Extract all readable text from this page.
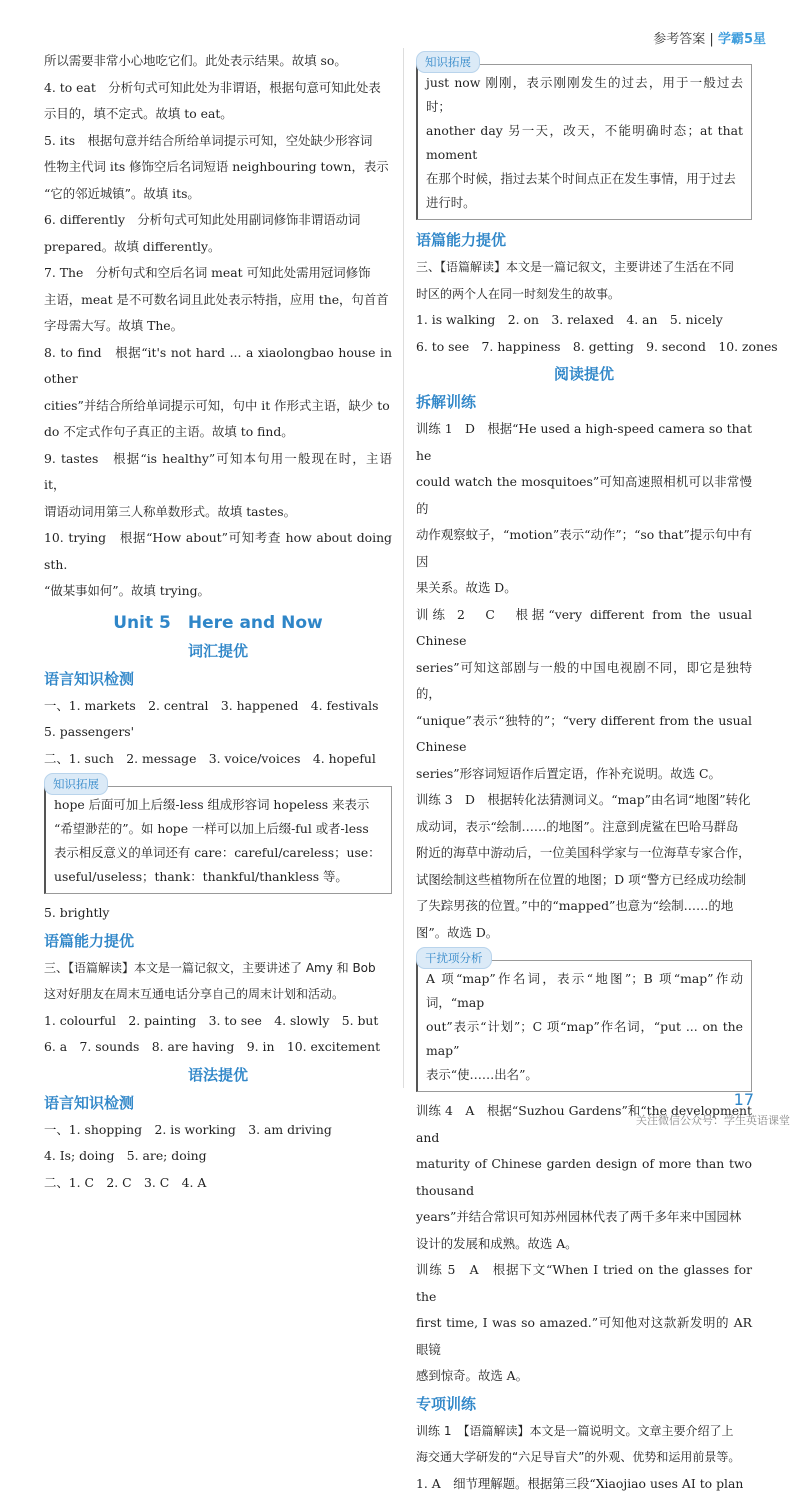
参考答案 | 学霸5星

所以需要非常小心地吃它们。此处表示结果。故填 so。

4. to eat　分析句式可知此处为非谓语，根据句意可知此处表

示目的，填不定式。故填 to eat。

5. its　根据句意并结合所给单词提示可知，空处缺少形容词

性物主代词 its 修饰空后名词短语 neighbouring town，表示

“它的邻近城镇”。故填 its。

6. differently　分析句式可知此处用副词修饰非谓语动词

prepared。故填 differently。

7. The　分析句式和空后名词 meat 可知此处需用冠词修饰

主语，meat 是不可数名词且此处表示特指，应用 the，句首首

字母需大写。故填 The。

8. to find　根据“it's not hard ... a xiaolongbao house in other

cities”并结合所给单词提示可知，句中 it 作形式主语，缺少 to

do 不定式作句子真正的主语。故填 to find。

9. tastes　根据“is healthy”可知本句用一般现在时，主语 it，

谓语动词用第三人称单数形式。故填 tastes。

10. trying　根据“How about”可知考查 how about doing sth.

“做某事如何”。故填 trying。

Unit 5　Here and Now
词汇提优
语言知识检测

一、1. markets　2. central　3. happened　4. festivals

5. passengers'

二、1. such　2. message　3. voice/voices　4. hopeful

知识拓展

hope 后面可加上后缀-less 组成形容词 hopeless 来表示

“希望渺茫的”。如 hope 一样可以加上后缀-ful 或者-less

表示相反意义的单词还有 care：careful/careless；use：

useful/useless；thank：thankful/thankless 等。

5. brightly

语篇能力提优

三、【语篇解读】本文是一篇记叙文，主要讲述了 Amy 和 Bob

这对好朋友在周末互通电话分享自己的周末计划和活动。

1. colourful　2. painting　3. to see　4. slowly　5. but

6. a　7. sounds　8. are having　9. in　10. excitement

语法提优
语言知识检测

一、1. shopping　2. is working　3. am driving

4. Is; doing　5. are; doing

二、1. C　2. C　3. C　4. A

知识拓展

just now 刚刚，表示刚刚发生的过去，用于一般过去时；

another day 另一天，改天，不能明确时态；at that moment

在那个时候，指过去某个时间点正在发生事情，用于过去

进行时。

语篇能力提优

三、【语篇解读】本文是一篇记叙文，主要讲述了生活在不同

时区的两个人在同一时刻发生的故事。

1. is walking　2. on　3. relaxed　4. an　5. nicely

6. to see　7. happiness　8. getting　9. second　10. zones

阅读提优
拆解训练

训练 1　D　根据“He used a high-speed camera so that he

could watch the mosquitoes”可知高速照相机可以非常慢的

动作观察蚊子，“motion”表示“动作”；“so that”提示句中有因

果关系。故选 D。

训练 2　C　根据“very different from the usual Chinese

series”可知这部剧与一般的中国电视剧不同，即它是独特的，

“unique”表示“独特的”；“very different from the usual Chinese

series”形容词短语作后置定语，作补充说明。故选 C。

训练 3　D　根据转化法猜测词义。“map”由名词“地图”转化

成动词，表示“绘制……的地图”。注意到虎鲨在巴哈马群岛

附近的海草中游动后，一位美国科学家与一位海草专家合作，

试图绘制这些植物所在位置的地图；D 项“警方已经成功绘制

了失踪男孩的位置。”中的“mapped”也意为“绘制……的地

图”。故选 D。

干扰项分析

A 项“map”作名词，表示“地图”；B 项“map”作动词，“map

out”表示“计划”；C 项“map”作名词，“put ... on the map”

表示“使……出名”。

训练 4　A　根据“Suzhou Gardens”和“the development and

maturity of Chinese garden design of more than two thousand

years”并结合常识可知苏州园林代表了两千多年来中国园林

设计的发展和成熟。故选 A。

训练 5　A　根据下文“When I tried on the glasses for the

first time, I was so amazed.”可知他对这款新发明的 AR 眼镜

感到惊奇。故选 A。

专项训练

训练 1　【语篇解读】本文是一篇说明文。文章主要介绍了上

海交通大学研发的“六足导盲犬”的外观、优势和运用前景等。

1. A　细节理解题。根据第三段“Xiaojiao uses AI to plan

17
关注微信公众号：学生英语课堂
